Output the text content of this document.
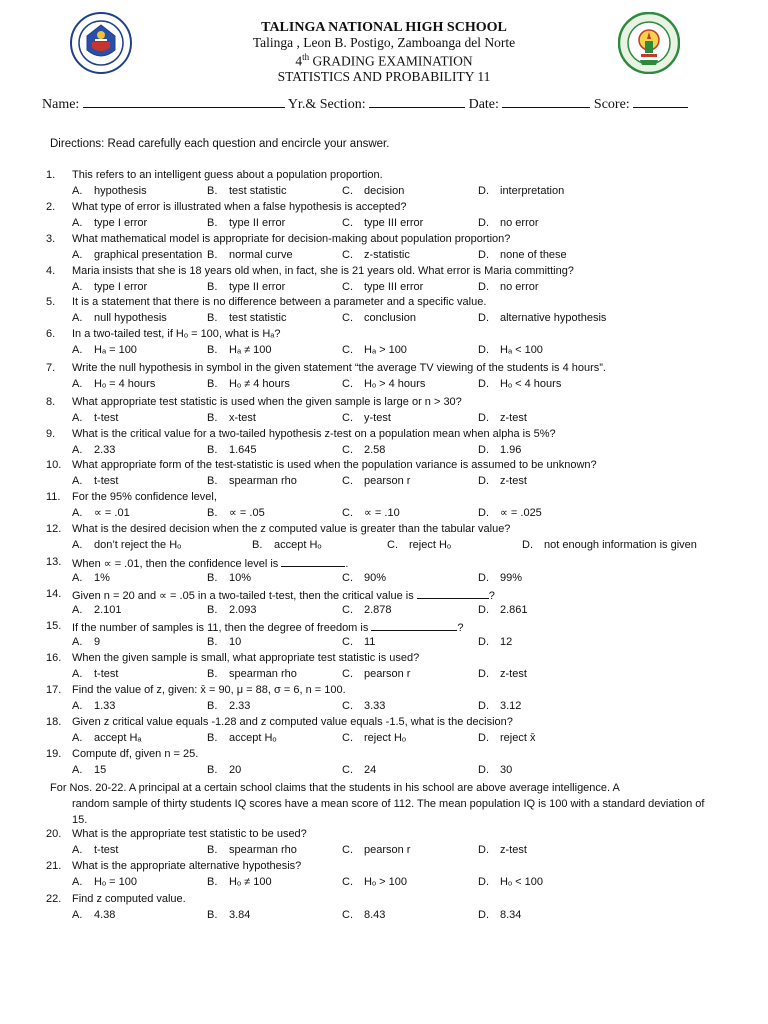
TALINGA NATIONAL HIGH SCHOOL
Talinga , Leon B. Postigo, Zamboanga del Norte
4th GRADING EXAMINATION
STATISTICS AND PROBABILITY 11
Name:	Yr.& Section:	Date:	Score:
Directions: Read carefully each question and encircle your answer.
1.	This refers to an intelligent guess about a population proportion.
A. hypothesis	B. test statistic	C. decision	D. interpretation
2.	What type of error is illustrated when a false hypothesis is accepted?
A. type I error	B. type II error	C. type III error	D. no error
3.	What mathematical model is appropriate for decision-making about population proportion?
A. graphical presentation B. normal curve	C. z-statistic	D. none of these
4.	Maria insists that she is 18 years old when, in fact, she is 21 years old. What error is Maria committing?
A. type I error	B. type II error	C. type III error	D. no error
5.	It is a statement that there is no difference between a parameter and a specific value.
A. null hypothesis	B. test statistic	C. conclusion	D. alternative hypothesis
6.	In a two-tailed test, if Hₒ = 100, what is Hₐ?
A. Hₐ = 100	B. Hₐ ≠ 100	C. Hₐ > 100	D. Hₐ < 100
7.	Write the null hypothesis in symbol in the given statement “the average TV viewing of the students is 4 hours”.
A. Hₒ = 4 hours	B. Hₒ ≠ 4 hours	C. Hₒ > 4 hours	D. Hₒ < 4 hours
8.	What appropriate test statistic is used when the given sample is large or n > 30?
A. t-test	B. x-test	C. y-test	D. z-test
9.	What is the critical value for a two-tailed hypothesis z-test on a population mean when alpha is 5%?
A. 2.33	B. 1.645	C. 2.58	D. 1.96
10. What appropriate form of the test-statistic is used when the population variance is assumed to be unknown?
A. t-test	B. spearman rho	C. pearson r	D. z-test
11.	For the 95% confidence level,
A. ∝ = .01	B. ∝ = .05	C. ∝ = .10	D. ∝ = .025
12. What is the desired decision when the z computed value is greater than the tabular value?
A. don’t reject the Hₒ	B. accept Hₒ	C. reject Hₒ	D. not enough information is given
13. When ∝ = .01, then the confidence level is	.
A. 1%	B. 10%	C. 90%	D. 99%
14. Given n = 20 and ∝ = .05 in a two-tailed t-test, then the critical value is	?
A. 2.101	B. 2.093	C. 2.878	D. 2.861
15. If the number of samples is 11, then the degree of freedom is	?
A. 9	B. 10	C. 11	D. 12
16. When the given sample is small, what appropriate test statistic is used?
A. t-test	B. spearman rho	C. pearson r	D. z-test
17. Find the value of z, given: x̄ = 90, μ = 88, σ = 6, n = 100.
A. 1.33	B. 2.33	C. 3.33	D. 3.12
18. Given z critical value equals -1.28 and z computed value equals -1.5, what is the decision?
A. accept Hₐ	B. accept Hₒ	C. reject Hₒ	D. reject x̄
19. Compute df, given n = 25.
A. 15	B. 20	C. 24	D. 30
For Nos. 20-22. A principal at a certain school claims that the students in his school are above average intelligence. A
random sample of thirty students IQ scores have a mean score of 112. The mean population IQ is 100 with a standard deviation of 15.
20. What is the appropriate test statistic to be used?
A. t-test	B. spearman rho	C. pearson r	D. z-test
21. What is the appropriate alternative hypothesis?
A. Hₒ = 100	B. Hₒ ≠ 100	C. Hₒ > 100	D. Hₒ < 100
22. Find z computed value.
A. 4.38	B. 3.84	C. 8.43	D. 8.34
